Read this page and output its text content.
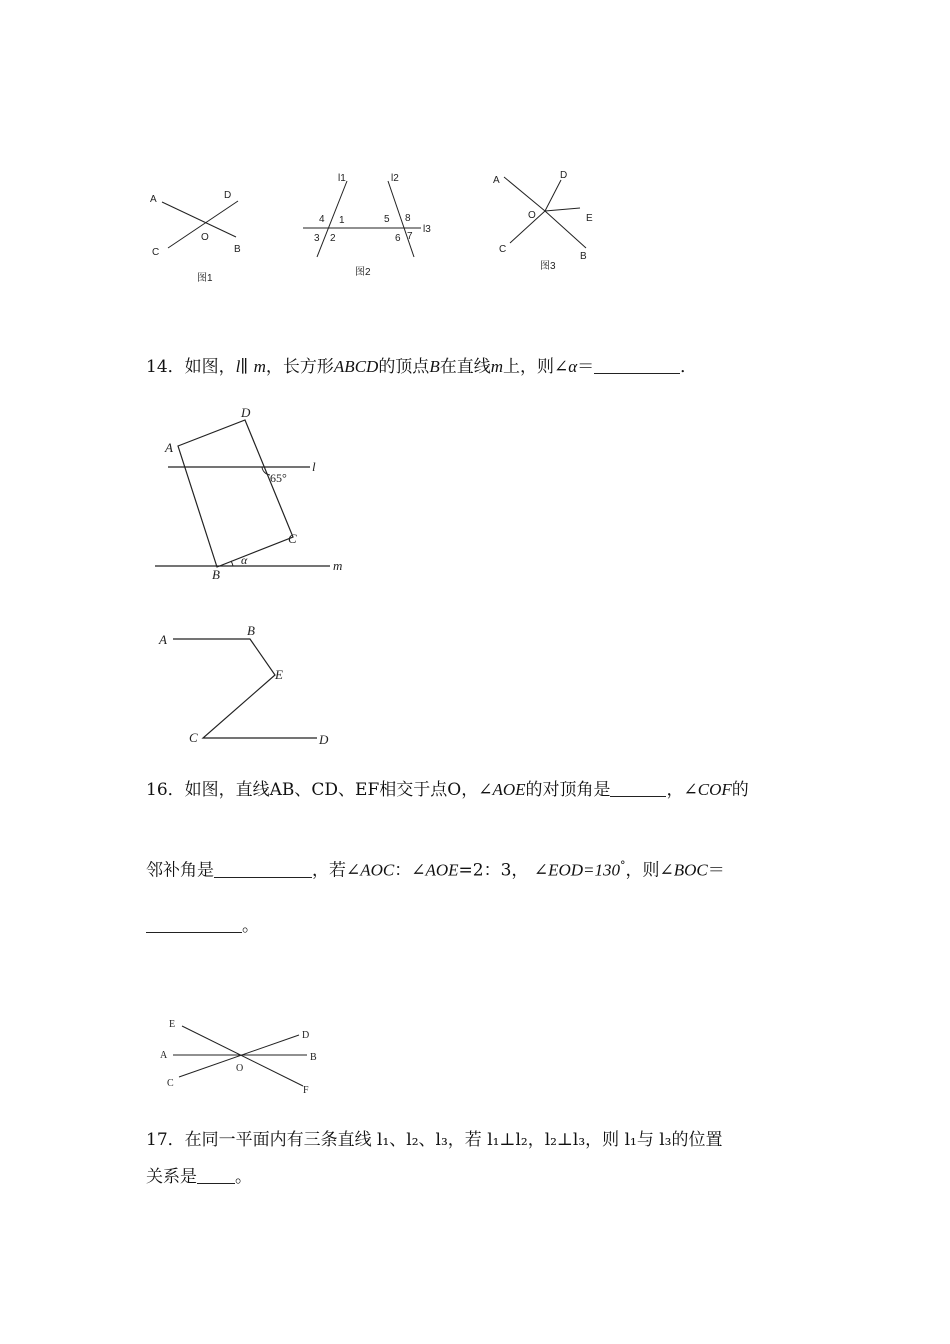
A	D
C
O
B
图1
l1	l2
l3
4 1
3 2
5 8
6 7
图2
A	D
O	E
C
B
图3
14．如图，l∥ m，长方形ABCD的顶点B在直线m上，则∠α＝	．
D
A
l
65°
C
α
B
m
A
B
E
C	D
16．如图，直线AB、CD、EF相交于点O，∠AOE的对顶角是	，∠COF的
邻补角是	，若∠AOC：∠AOE=2：3， ∠EOD=130°，则∠BOC＝
。
E
D
A	B
O
C
F
17．在同一平面内有三条直线 l₁、l₂、l₃，若 l₁⊥l₂，l₂⊥l₃，则 l₁与 l₃的位置
关系是 。
